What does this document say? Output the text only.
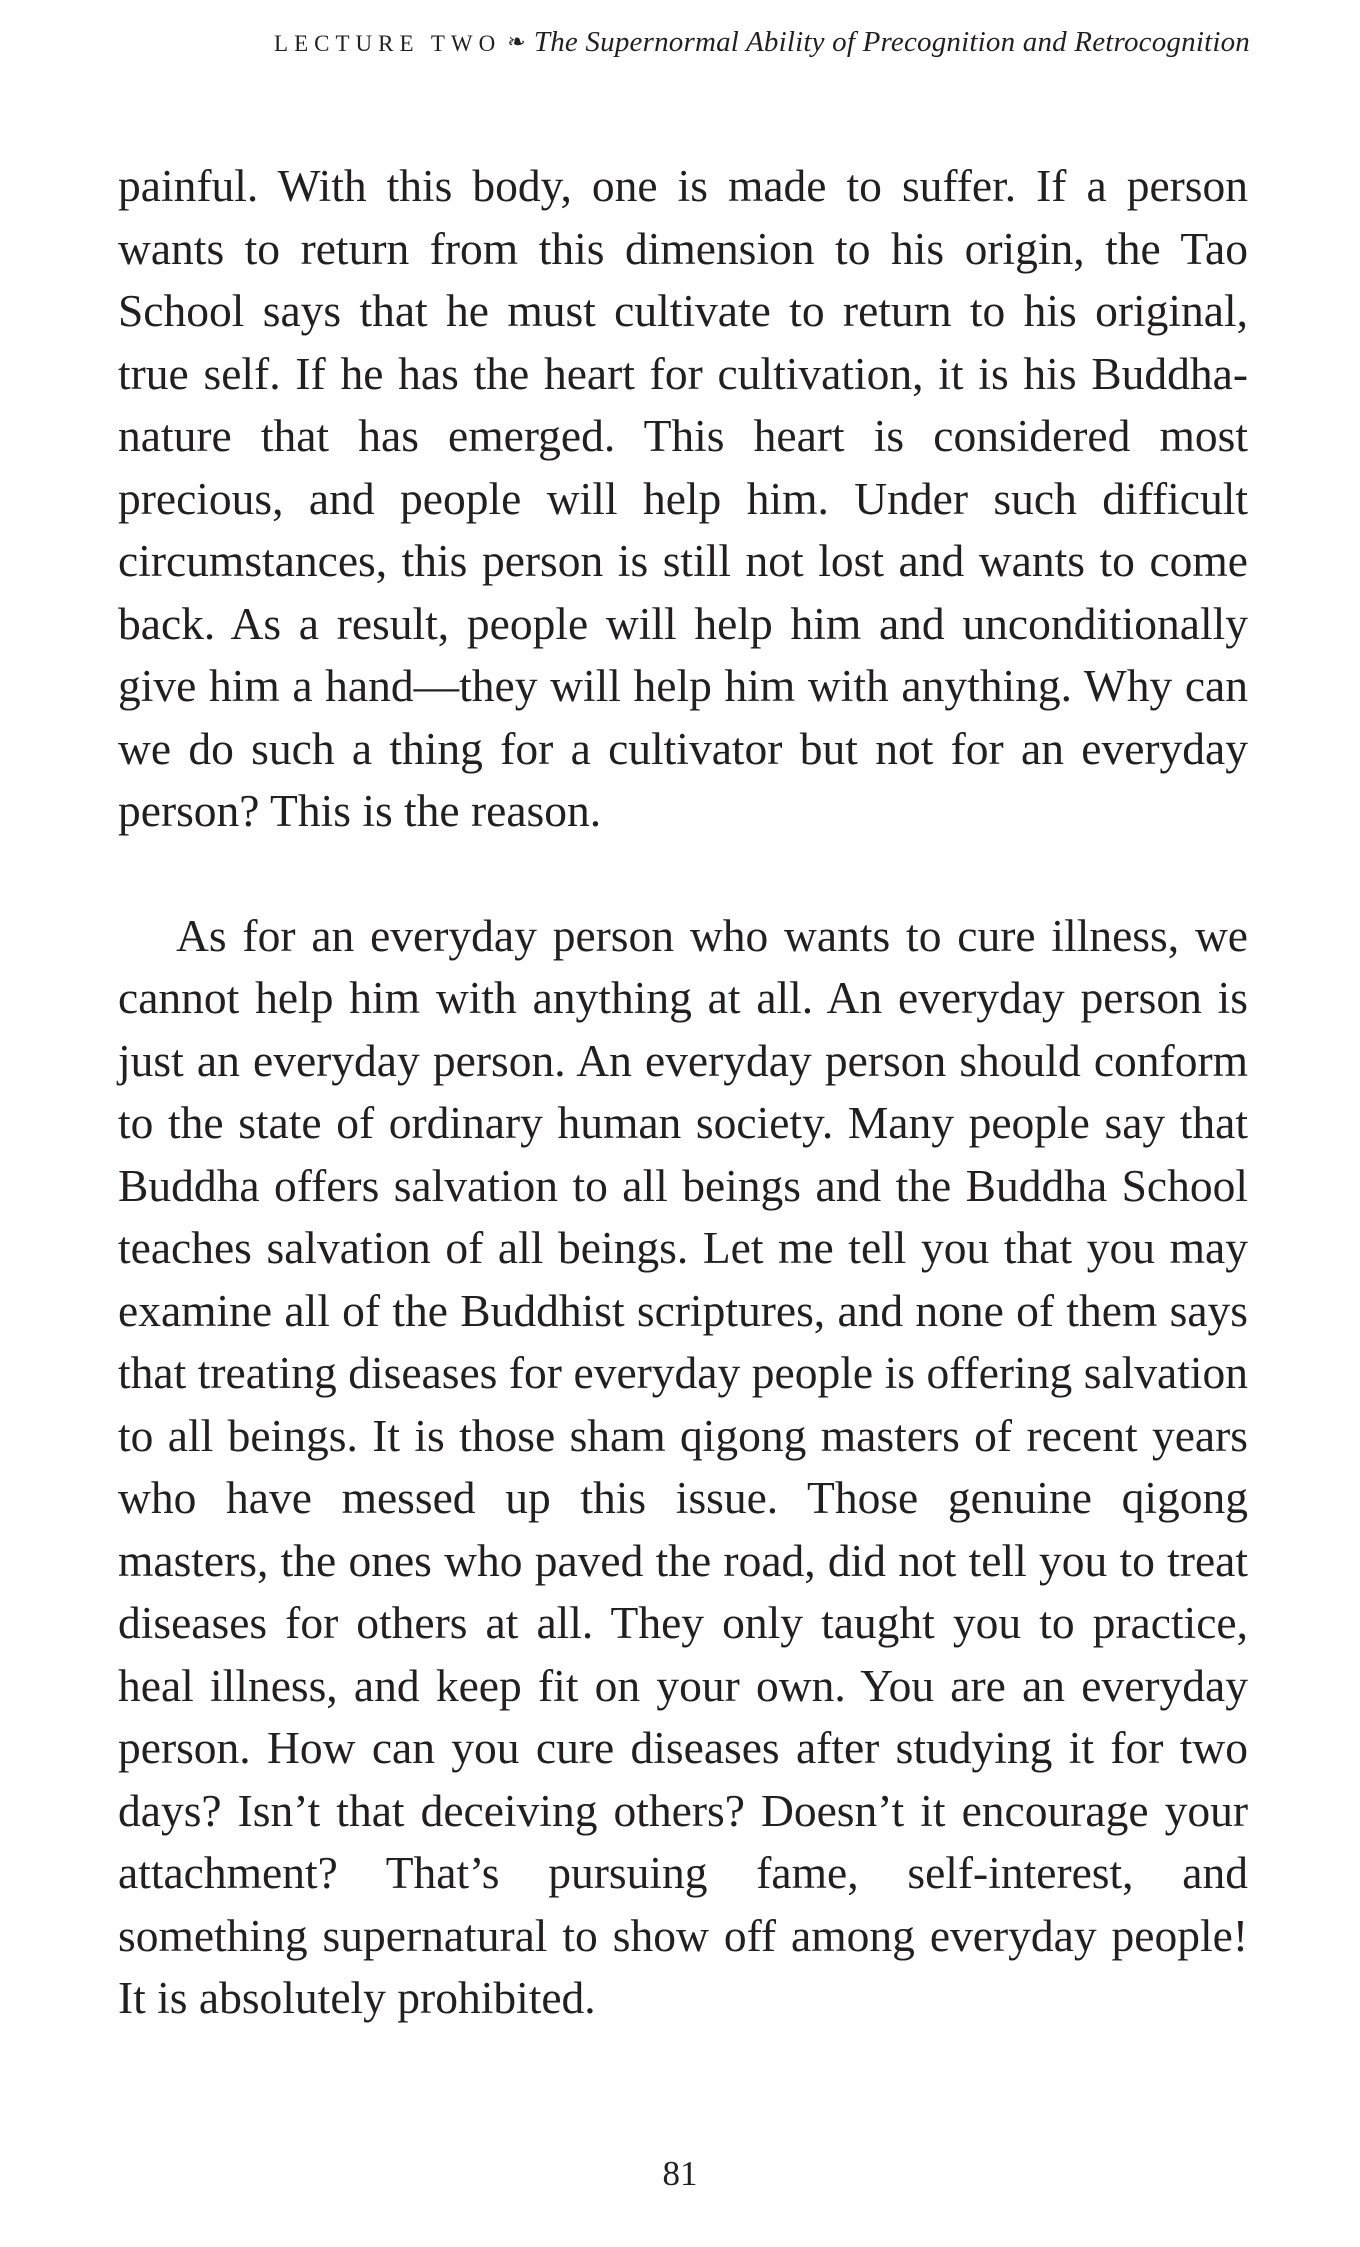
LECTURE TWO ❧ The Supernormal Ability of Precognition and Retrocognition

painful. With this body, one is made to suffer. If a person wants to return from this dimension to his origin, the Tao School says that he must cultivate to return to his original, true self. If he has the heart for cultivation, it is his Buddha-nature that has emerged. This heart is considered most precious, and people will help him. Under such difficult circumstances, this person is still not lost and wants to come back. As a result, people will help him and unconditionally give him a hand—they will help him with anything. Why can we do such a thing for a cultivator but not for an everyday person? This is the reason.

As for an everyday person who wants to cure illness, we cannot help him with anything at all. An everyday person is just an everyday person. An everyday person should conform to the state of ordinary human society. Many people say that Buddha offers salvation to all beings and the Buddha School teaches salvation of all beings. Let me tell you that you may examine all of the Buddhist scriptures, and none of them says that treating diseases for everyday people is offering salvation to all beings. It is those sham qigong masters of recent years who have messed up this issue. Those genuine qigong masters, the ones who paved the road, did not tell you to treat diseases for others at all. They only taught you to practice, heal illness, and keep fit on your own. You are an everyday person. How can you cure diseases after studying it for two days? Isn’t that deceiving others? Doesn’t it encourage your attachment? That’s pursuing fame, self-interest, and something supernatural to show off among everyday people! It is absolutely prohibited.

81
